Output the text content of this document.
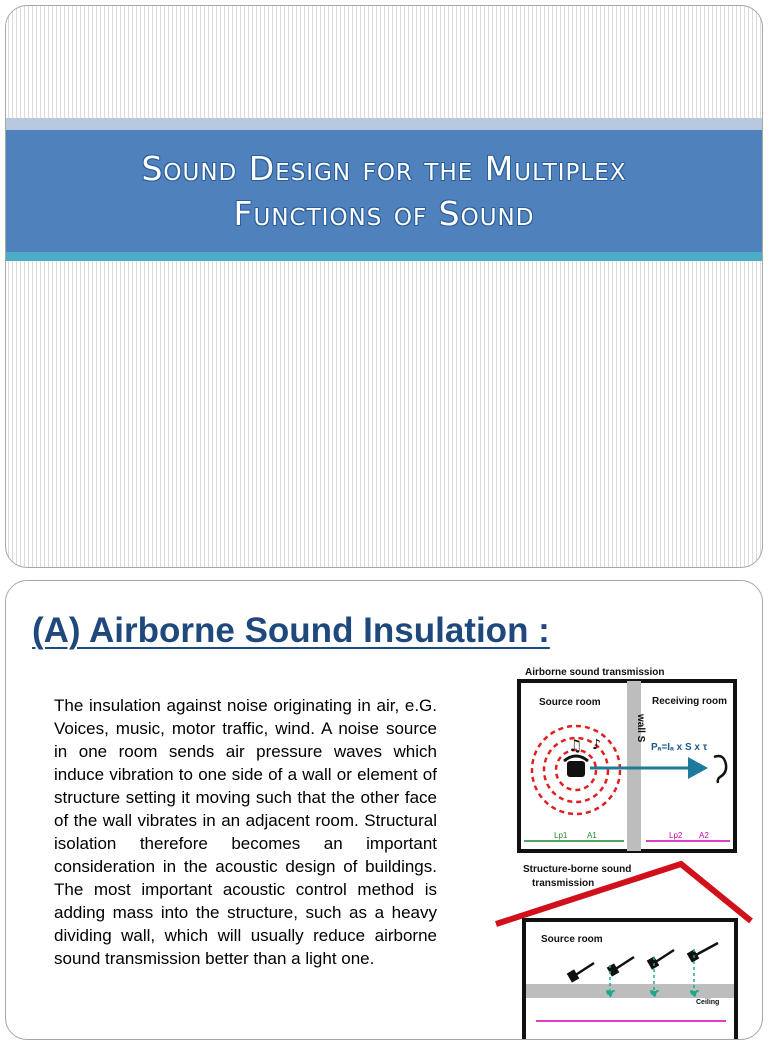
Sound Design for the Multiplex
Functions of Sound
(A) Airborne Sound Insulation :

The insulation against noise originating in air, e.G. Voices, music, motor traffic, wind. A noise source in one room sends air pressure waves which induce vibration to one side of a wall or element of structure setting it moving such that the other face of the wall vibrates in an adjacent room. Structural isolation therefore becomes an important consideration in the acoustic design of buildings. The most important acoustic control method is adding mass into the structure, such as a heavy dividing wall, which will usually reduce airborne sound transmission better than a light one.

♫ ♪
Airborne sound transmission
Source room	Receiving room
wall S
Pₐ=Iₐ x S x τ
Lp1 A1	Lp2 A2
Structure-borne sound
transmission
Source room
Ceiling
